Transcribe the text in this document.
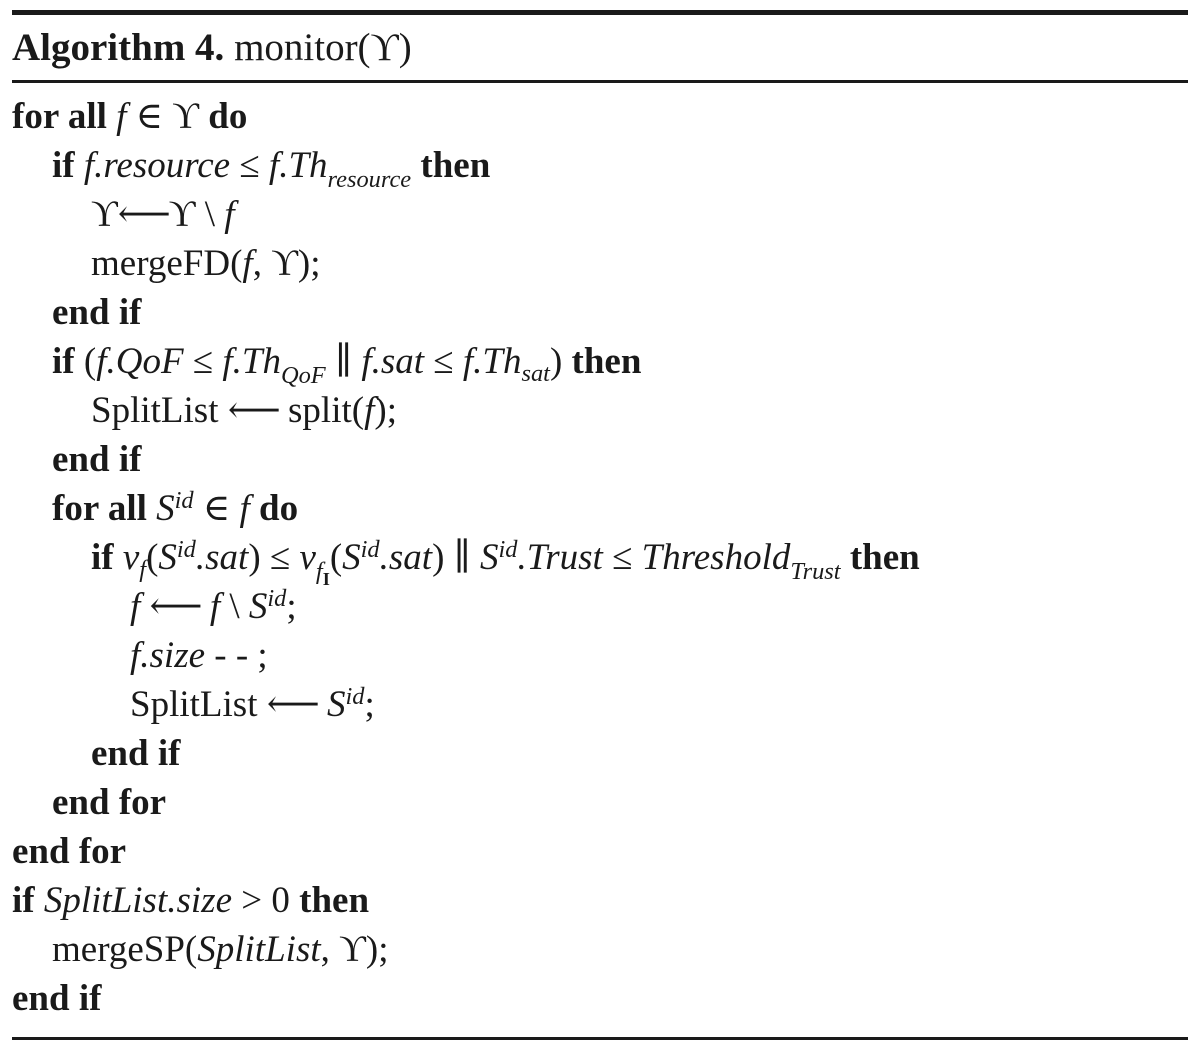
Algorithm 4. monitor(ϒ)
for all f ∈ ϒ do
if f.resource ≤ $f.Th_{resource}$ then
ϒ⟵ϒ \ f
mergeFD(f, ϒ);
end if
if ($f.QoF \le f.Th_{QoF}$ ∥ $f.sat \le f.Th_{sat}$) then
SplitList ⟵ split(f);
end if
for all $S^{id}$ ∈ f do
if $v_f(S^{id}.sat) \le v_{f_I}(S^{id}.sat)$ ∥ $S^{id}.Trust$ ≤ Threshold$_{Trust}$ then
f ⟵ f \ $S^{id}$;
f.size - - ;
SplitList ⟵ $S^{id}$;
end if
end for
end for
if SplitList.size > 0 then
mergeSP(SplitList, ϒ);
end if
